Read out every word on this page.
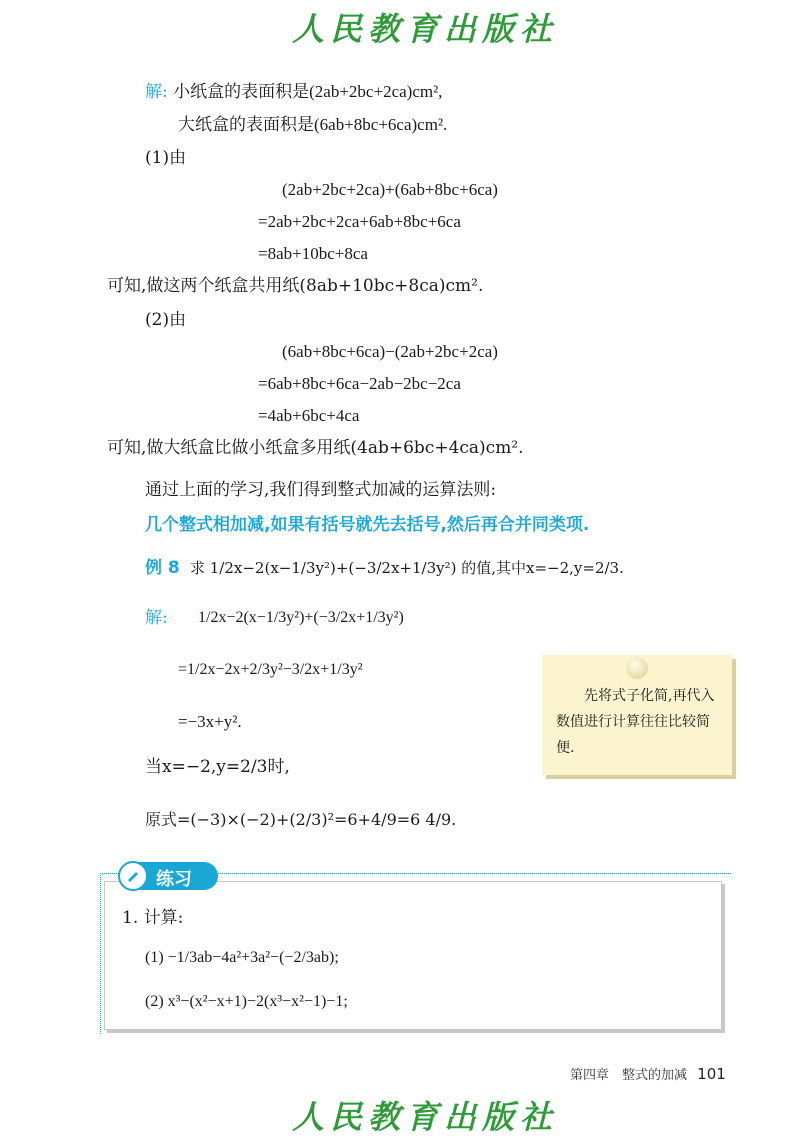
人民教育出版社
解: 小纸盒的表面积是(2ab+2bc+2ca)cm²,
大纸盒的表面积是(6ab+8bc+6ca)cm².
(1)由
(2ab+2bc+2ca)+(6ab+8bc+6ca)
=2ab+2bc+2ca+6ab+8bc+6ca
=8ab+10bc+8ca
可知,做这两个纸盒共用纸(8ab+10bc+8ca)cm².
(2)由
(6ab+8bc+6ca)−(2ab+2bc+2ca)
=6ab+8bc+6ca−2ab−2bc−2ca
=4ab+6bc+4ca
可知,做大纸盒比做小纸盒多用纸(4ab+6bc+4ca)cm².
通过上面的学习,我们得到整式加减的运算法则:
几个整式相加减,如果有括号就先去括号,然后再合并同类项.
例 8 求 1/2x−2(x−1/3y²)+(−3/2x+1/3y²) 的值,其中x=−2,y=2/3.
解: 1/2x−2(x−1/3y²)+(−3/2x+1/3y²)
=1/2x−2x+2/3y²−3/2x+1/3y²
=−3x+y².
当x=−2,y=2/3时,
原式=(−3)×(−2)+(2/3)²=6+4/9=6 4/9.
先将式子化简,再代入数值进行计算往往比较简便.
练习
1. 计算:
(1) −1/3ab−4a²+3a²−(−2/3ab);
(2) x³−(x²−x+1)−2(x³−x²−1)−1;
第四章　整式的加减 101
人民教育出版社
